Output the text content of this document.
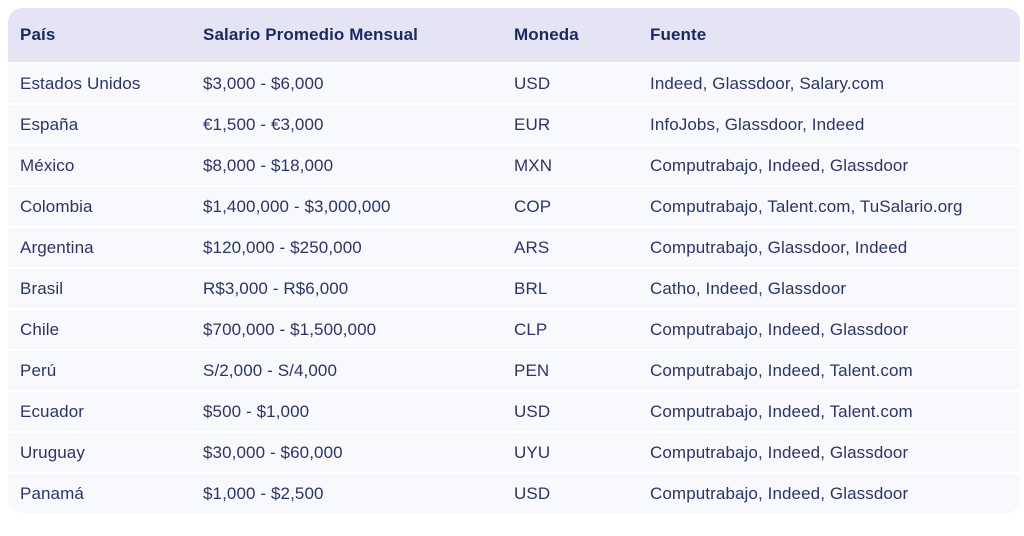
País	Salario Promedio Mensual	Moneda	Fuente
Estados Unidos	$3,000 - $6,000	USD	Indeed, Glassdoor, Salary.com
España	€1,500 - €3,000	EUR	InfoJobs, Glassdoor, Indeed
México	$8,000 - $18,000	MXN	Computrabajo, Indeed, Glassdoor
Colombia	$1,400,000 - $3,000,000	COP	Computrabajo, Talent.com, TuSalario.org
Argentina	$120,000 - $250,000	ARS	Computrabajo, Glassdoor, Indeed
Brasil	R$3,000 - R$6,000	BRL	Catho, Indeed, Glassdoor
Chile	$700,000 - $1,500,000	CLP	Computrabajo, Indeed, Glassdoor
Perú	S/2,000 - S/4,000	PEN	Computrabajo, Indeed, Talent.com
Ecuador	$500 - $1,000	USD	Computrabajo, Indeed, Talent.com
Uruguay	$30,000 - $60,000	UYU	Computrabajo, Indeed, Glassdoor
Panamá	$1,000 - $2,500	USD	Computrabajo, Indeed, Glassdoor
